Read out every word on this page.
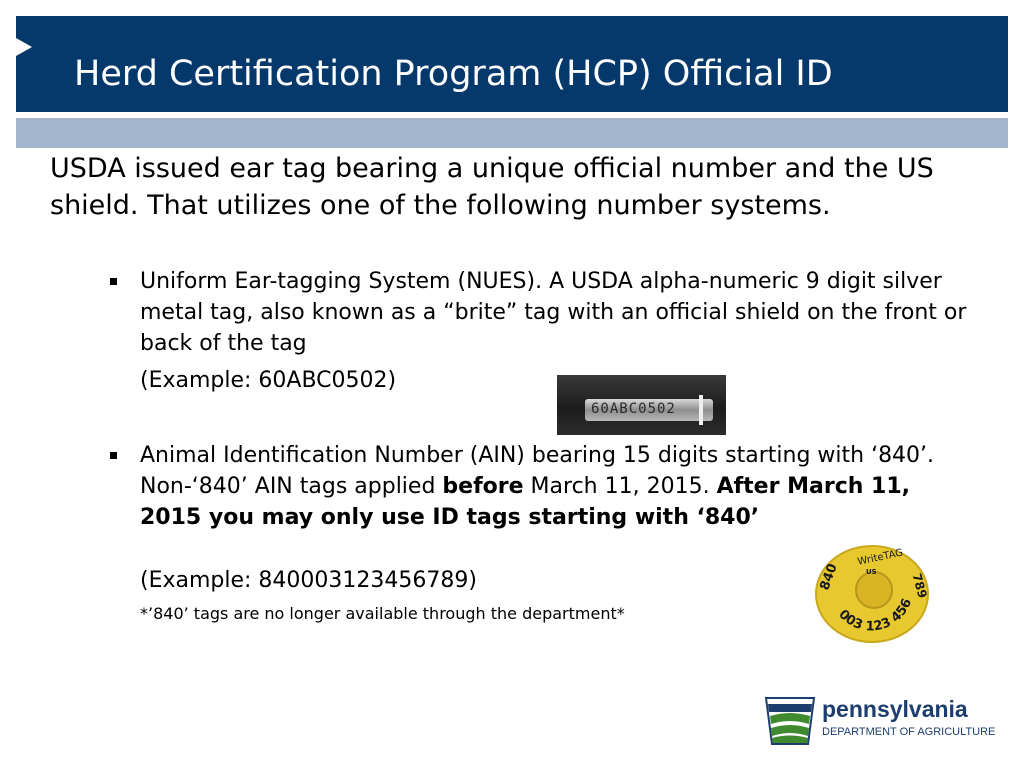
Herd Certification Program (HCP) Official ID
USDA issued ear tag bearing a unique official number and the US shield. That utilizes one of the following number systems.
Uniform Ear-tagging System (NUES). A USDA alpha-numeric 9 digit silver metal tag, also known as a “brite” tag with an official shield on the front or back of the tag
(Example: 60ABC0502)
60ABC0502
Animal Identification Number (AIN) bearing 15 digits starting with ‘840’. Non-‘840’ AIN tags applied before March 11, 2015. After March 11, 2015 you may only use ID tags starting with ‘840’
(Example: 840003123456789)
*’840’ tags are no longer available through the department*
WriteTAG
US
840	789
003 123 456
pennsylvania
DEPARTMENT OF AGRICULTURE
